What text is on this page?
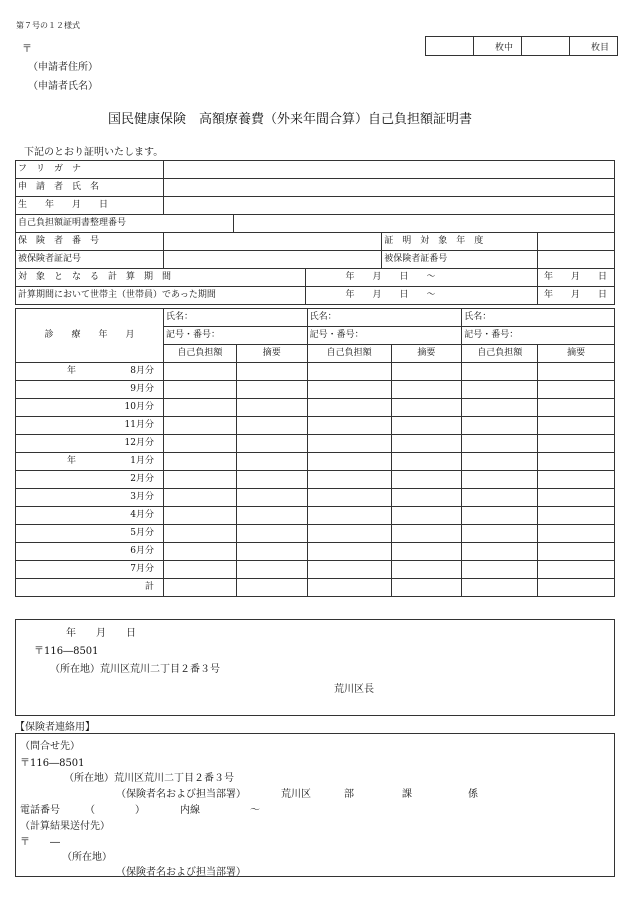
第７号の１２様式
〒
（申請者住所）
（申請者氏名）
	枚中		枚目
国民健康保険　高額療養費（外来年間合算）自己負担額証明書
下記のとおり証明いたします。
フ　リ　ガ　ナ					
申　請　者　氏　名					
生　　年　　月　　日					
自己負担額証明書整理番号					
保　険　者　番　号				証　明　対　象　年　度	
被保険者証記号				被保険者証番号	
対　象　と　な　る　計　算　期　間			年　　月　　日　　〜		年　　月　　日
計算期間において世帯主（世帯員）であった期間			年　　月　　日　　〜		年　　月　　日
診　　療　　年　　月	氏名：		氏名：		氏名：	
	記号・番号：		記号・番号：		記号・番号：	
	自己負担額	摘要	自己負担額	摘要	自己負担額	摘要
年 8月分						
9月分						
10月分						
11月分						
12月分						
年 1月分						
2月分						
3月分						
4月分						
5月分						
6月分						
7月分						
計						
年　　月　　日
〒116―8501
（所在地）荒川区荒川二丁目２番３号
荒川区長
【保険者連絡用】
（問合せ先）
〒116―8501
（所在地）荒川区荒川二丁目２番３号
（保険者名および担当部署）	荒川区	部	課	係
電話番号　　　（　　　　）　　　　内線　　　　　〜
（計算結果送付先）
〒　　―
（所在地）
（保険者名および担当部署）
